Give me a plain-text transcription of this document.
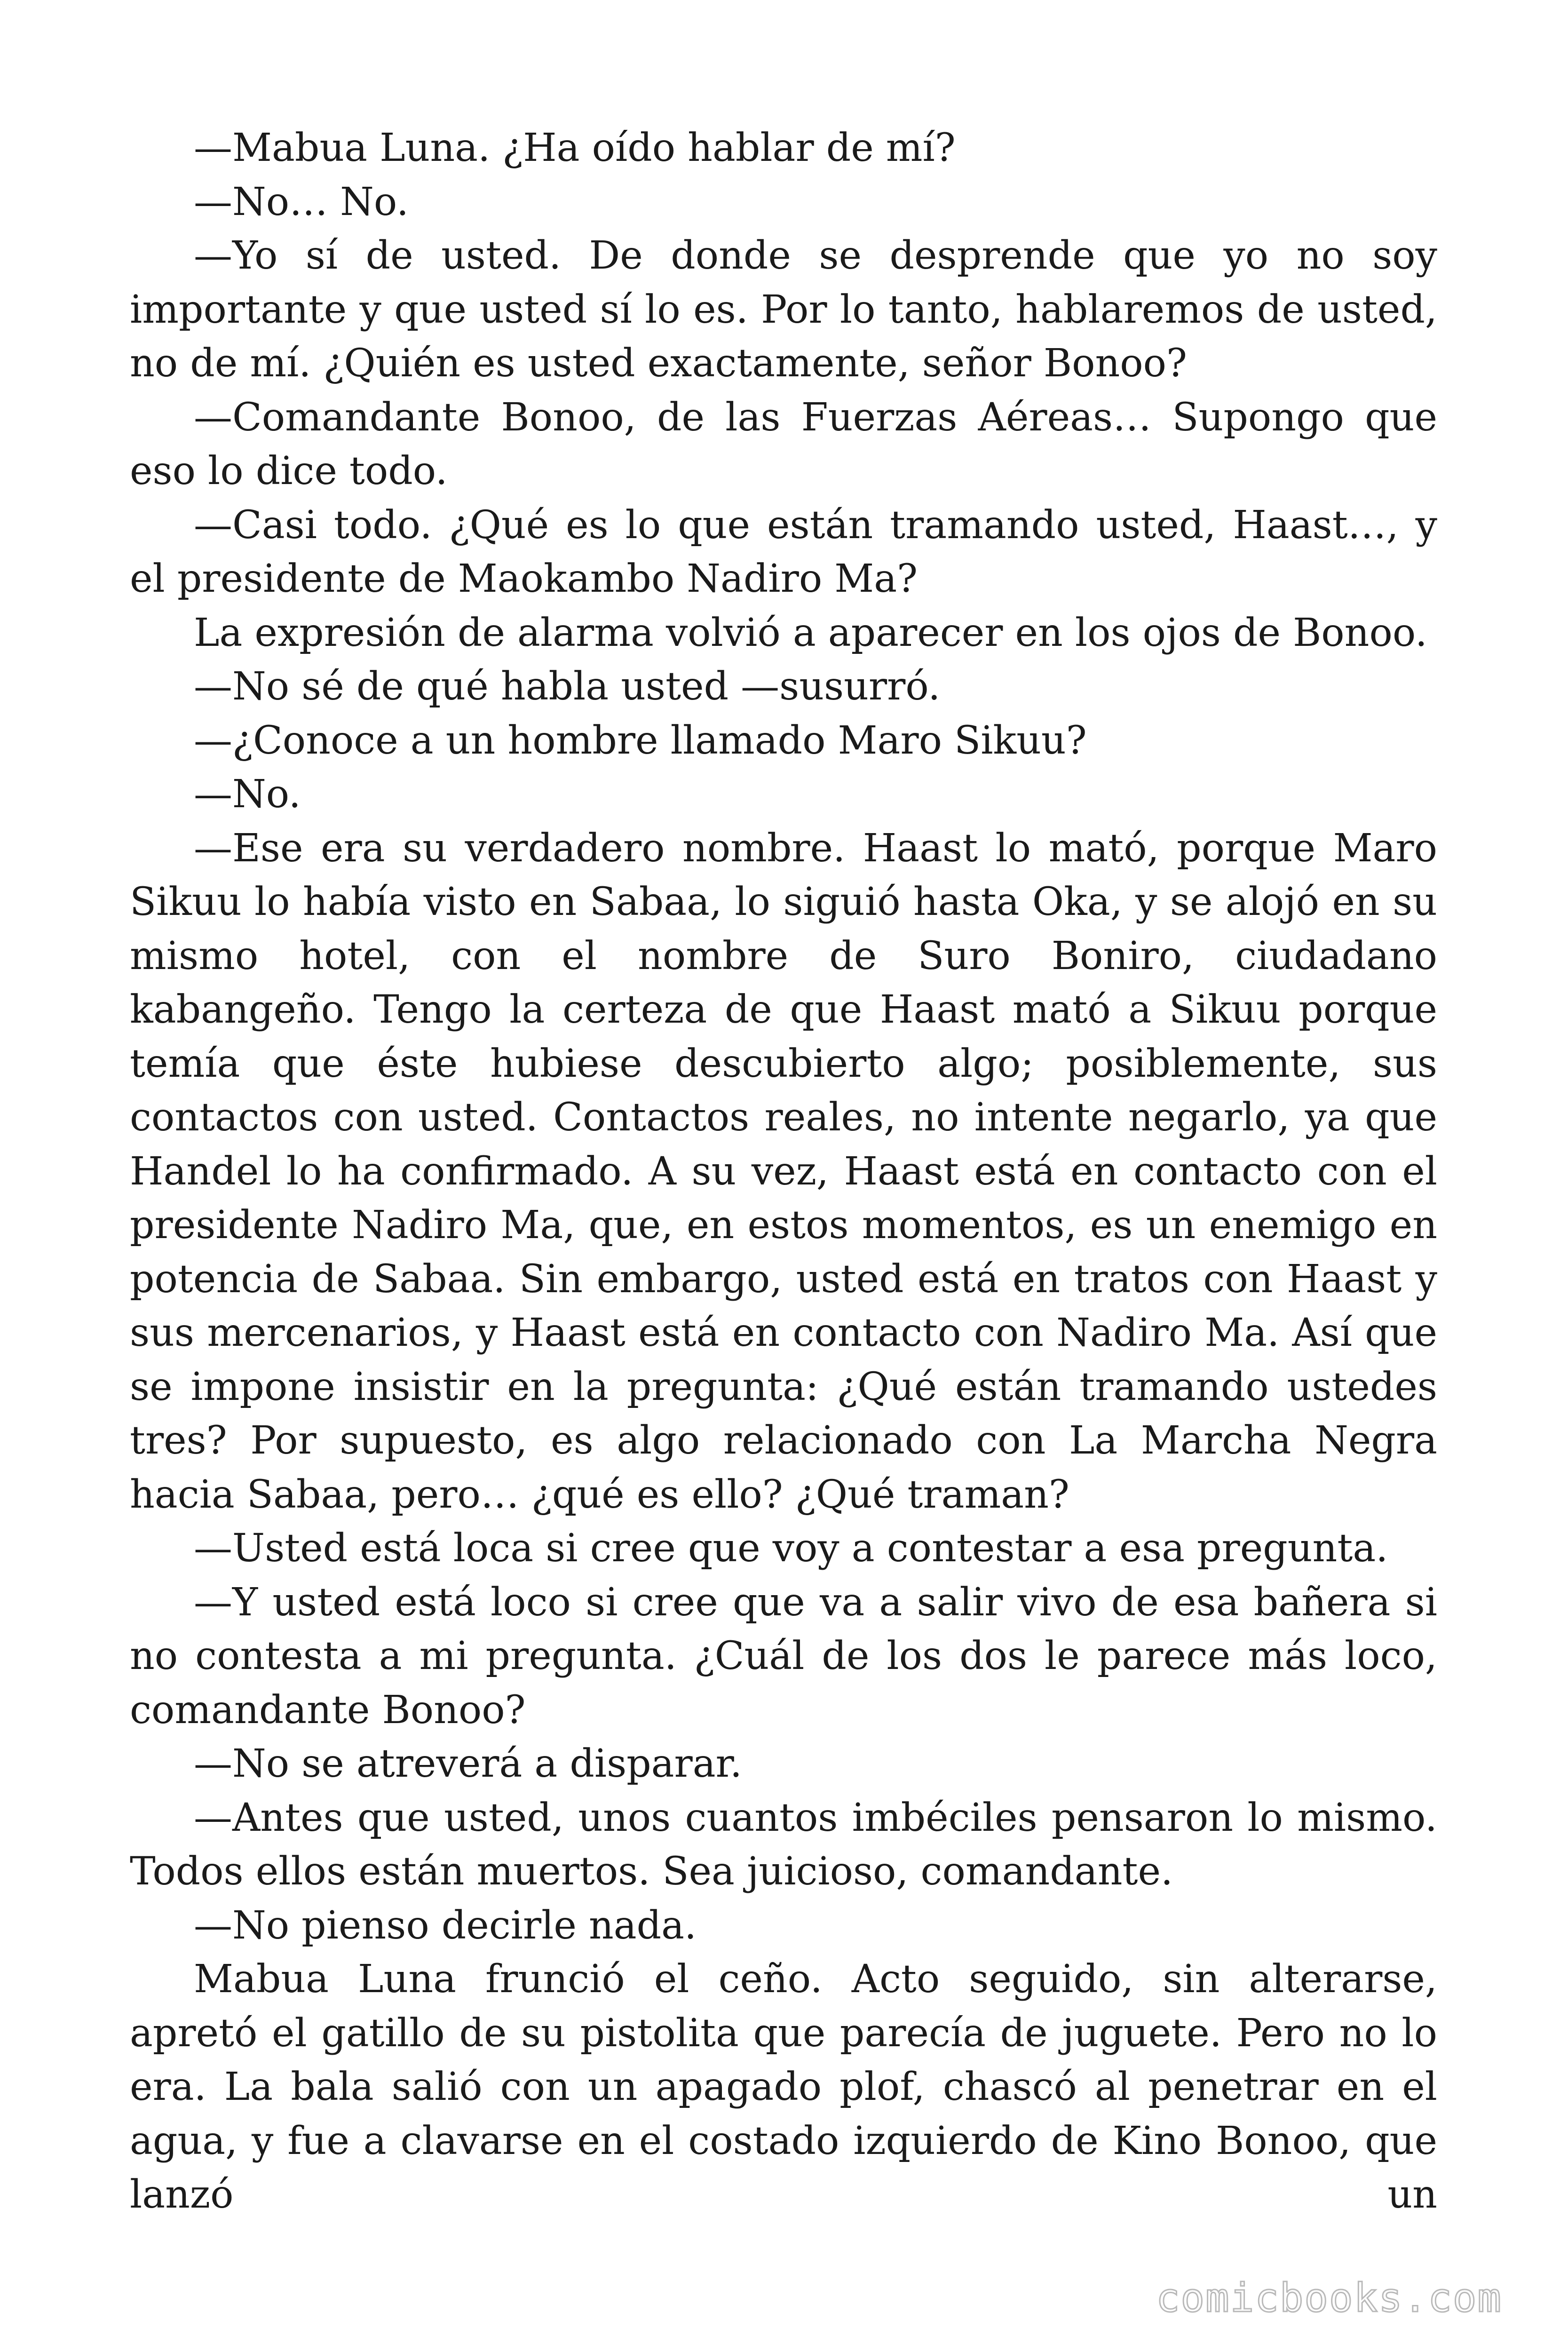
—Mabua Luna. ¿Ha oído hablar de mí?

—No… No.

—Yo sí de usted. De donde se desprende que yo no soy importante y que usted sí lo es. Por lo tanto, hablaremos de usted, no de mí. ¿Quién es usted exactamente, señor Bonoo?

—Comandante Bonoo, de las Fuerzas Aéreas… Supongo que eso lo dice todo.

—Casi todo. ¿Qué es lo que están tramando usted, Haast…, y el presidente de Maokambo Nadiro Ma?

La expresión de alarma volvió a aparecer en los ojos de Bonoo.

—No sé de qué habla usted —susurró.

—¿Conoce a un hombre llamado Maro Sikuu?

—No.

—Ese era su verdadero nombre. Haast lo mató, porque Maro Sikuu lo había visto en Sabaa, lo siguió hasta Oka, y se alojó en su mismo hotel, con el nombre de Suro Boniro, ciudadano kabangeño. Tengo la certeza de que Haast mató a Sikuu porque temía que éste hubiese descubierto algo; posiblemente, sus contactos con usted. Contactos reales, no intente negarlo, ya que Handel lo ha confirmado. A su vez, Haast está en contacto con el presidente Nadiro Ma, que, en estos momentos, es un enemigo en potencia de Sabaa. Sin embargo, usted está en tratos con Haast y sus mercenarios, y Haast está en contacto con Nadiro Ma. Así que se impone insistir en la pregunta: ¿Qué están tramando ustedes tres? Por supuesto, es algo relacionado con La Marcha Negra hacia Sabaa, pero… ¿qué es ello? ¿Qué traman?

—Usted está loca si cree que voy a contestar a esa pregunta.

—Y usted está loco si cree que va a salir vivo de esa bañera si no contesta a mi pregunta. ¿Cuál de los dos le parece más loco, comandante Bonoo?

—No se atreverá a disparar.

—Antes que usted, unos cuantos imbéciles pensaron lo mismo. Todos ellos están muertos. Sea juicioso, comandante.

—No pienso decirle nada.

Mabua Luna frunció el ceño. Acto seguido, sin alterarse, apretó el gatillo de su pistolita que parecía de juguete. Pero no lo era. La bala salió con un apagado plof, chascó al penetrar en el agua, y fue a clavarse en el costado izquierdo de Kino Bonoo, que lanzó un

comicbooks.com
